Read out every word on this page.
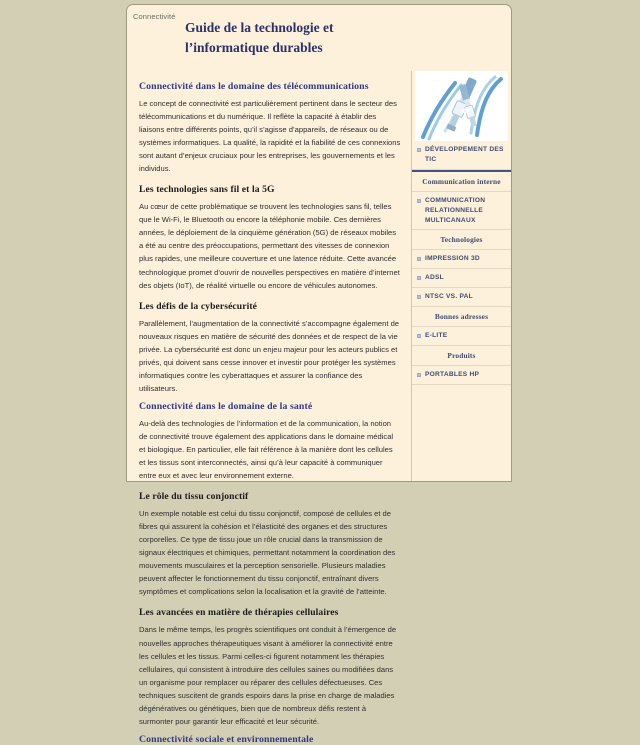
Connectivité
Guide de la technologie et l’informatique durables
Connectivité dans le domaine des télécommunications

Le concept de connectivité est particulièrement pertinent dans le secteur des télécommunications et du numérique. Il reflète la capacité à établir des liaisons entre différents points, qu’il s’agisse d’appareils, de réseaux ou de systèmes informatiques. La qualité, la rapidité et la fiabilité de ces connexions sont autant d’enjeux cruciaux pour les entreprises, les gouvernements et les individus.

Les technologies sans fil et la 5G

Au cœur de cette problématique se trouvent les technologies sans fil, telles que le Wi-Fi, le Bluetooth ou encore la téléphonie mobile. Ces dernières années, le déploiement de la cinquième génération (5G) de réseaux mobiles a été au centre des préoccupations, permettant des vitesses de connexion plus rapides, une meilleure couverture et une latence réduite. Cette avancée technologique promet d’ouvrir de nouvelles perspectives en matière d’internet des objets (IoT), de réalité virtuelle ou encore de véhicules autonomes.

Les défis de la cybersécurité

Parallèlement, l’augmentation de la connectivité s’accompagne également de nouveaux risques en matière de sécurité des données et de respect de la vie privée. La cybersécurité est donc un enjeu majeur pour les acteurs publics et privés, qui doivent sans cesse innover et investir pour protéger les systèmes informatiques contre les cyberattaques et assurer la confiance des utilisateurs.

Connectivité dans le domaine de la santé

Au-delà des technologies de l’information et de la communication, la notion de connectivité trouve également des applications dans le domaine médical et biologique. En particulier, elle fait référence à la manière dont les cellules et les tissus sont interconnectés, ainsi qu’à leur capacité à communiquer entre eux et avec leur environnement externe.

Le rôle du tissu conjonctif

Un exemple notable est celui du tissu conjonctif, composé de cellules et de fibres qui assurent la cohésion et l’élasticité des organes et des structures corporelles. Ce type de tissu joue un rôle crucial dans la transmission de signaux électriques et chimiques, permettant notamment la coordination des mouvements musculaires et la perception sensorielle. Plusieurs maladies peuvent affecter le fonctionnement du tissu conjonctif, entraînant divers symptômes et complications selon la localisation et la gravité de l’atteinte.

Les avancées en matière de thérapies cellulaires

Dans le même temps, les progrès scientifiques ont conduit à l’émergence de nouvelles approches thérapeutiques visant à améliorer la connectivité entre les cellules et les tissus. Parmi celles-ci figurent notamment les thérapies cellulaires, qui consistent à introduire des cellules saines ou modifiées dans un organisme pour remplacer ou réparer des cellules défectueuses. Ces techniques suscitent de grands espoirs dans la prise en charge de maladies dégénératives ou génétiques, bien que de nombreux défis restent à surmonter pour garantir leur efficacité et leur sécurité.

Connectivité sociale et environnementale
DÉVELOPPEMENT DES TIC
Communication interne
COMMUNICATION RELATIONNELLE MULTICANAUX
Technologies
IMPRESSION 3D
ADSL
NTSC VS. PAL
Bonnes adresses
E-LITE
Produits
PORTABLES HP
